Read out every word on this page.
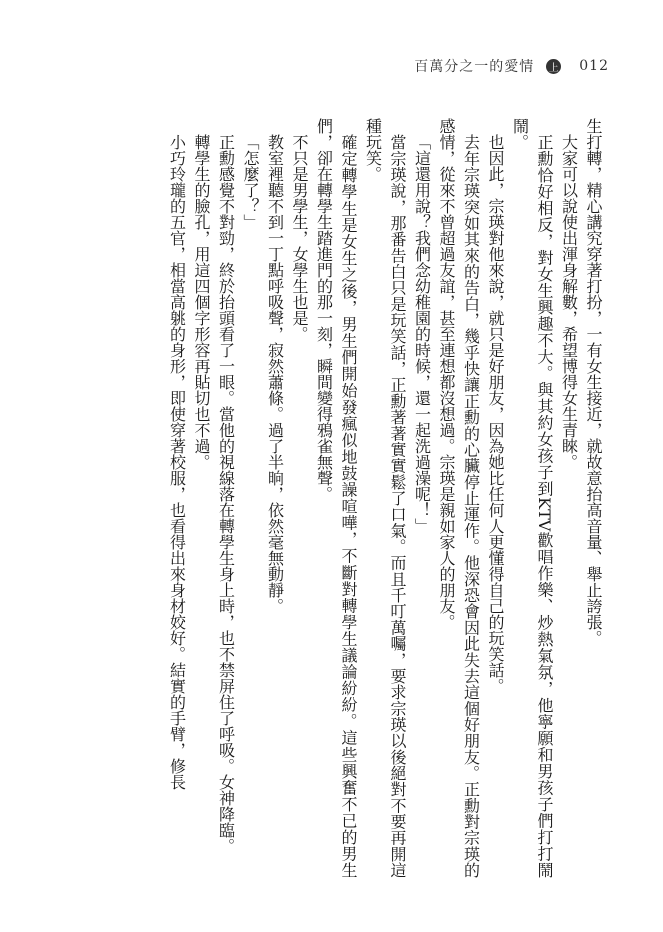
百萬分之一的愛情 上 012

生打轉，精心講究穿著打扮，一有女生接近，就故意抬高音量、舉止誇張。

大家可以說使出渾身解數，希望博得女生青睞。

正勳恰好相反，對女生興趣不大。與其約女孩子到KTV歡唱作樂、炒熱氣氛，他寧願和男孩子們打打鬧鬧。

也因此，宗瑛對他來說，就只是好朋友，因為她比任何人更懂得自己的玩笑話。

去年宗瑛突如其來的告白，幾乎快讓正勳的心臟停止運作。他深恐會因此失去這個好朋友。正勳對宗瑛的感情，從來不曾超過友誼，甚至連想都沒想過。宗瑛是親如家人的朋友。

「這還用說？我們念幼稚園的時候，還一起洗過澡呢！」

當宗瑛說，那番告白只是玩笑話，正勳著著實實鬆了口氣。而且千叮萬囑，要求宗瑛以後絕對不要再開這種玩笑。

確定轉學生是女生之後，男生們開始發瘋似地鼓譟喧嘩，不斷對轉學生議論紛紛。這些興奮不已的男生們，卻在轉學生踏進門的那一刻，瞬間變得鴉雀無聲。

不只是男學生，女學生也是。

教室裡聽不到一丁點呼吸聲，寂然蕭條。過了半晌，依然毫無動靜。

「怎麼了？」

正勳感覺不對勁，終於抬頭看了一眼。當他的視線落在轉學生身上時，也不禁屏住了呼吸。女神降臨。

轉學生的臉孔，用這四個字形容再貼切也不過。

小巧玲瓏的五官，相當高䠷的身形，即使穿著校服，也看得出來身材姣好。結實的手臂，修長
